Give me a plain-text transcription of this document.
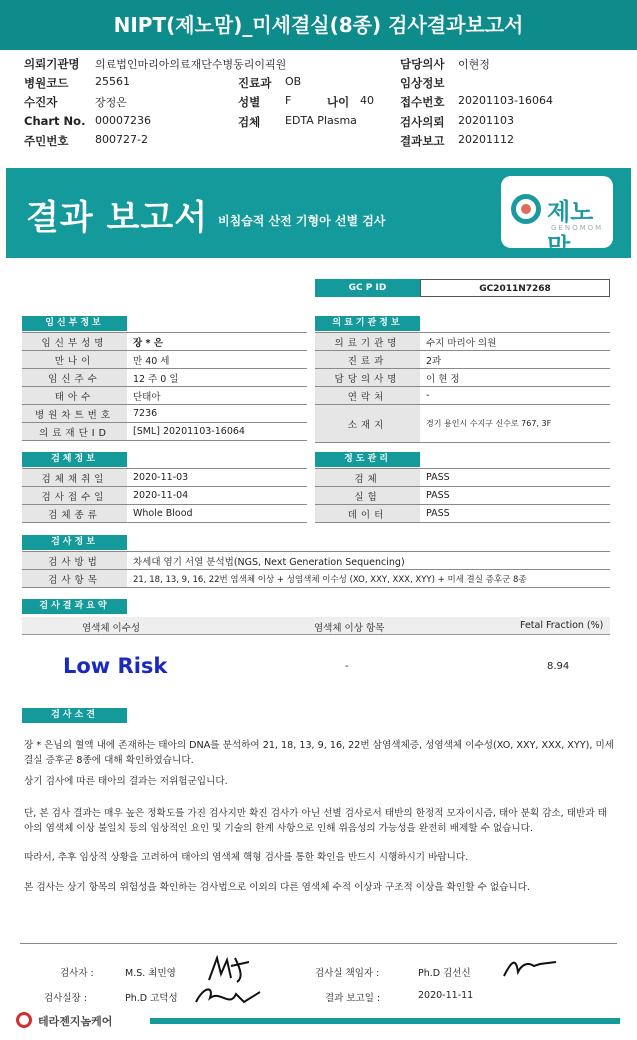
NIPT(제노맘)_미세결실(8종) 검사결과보고서
의뢰기관명 의료법인마리아의료재단수병동리이괵원	담당의사 이현정
병원코드 25561	진료과 OB	임상정보
수진자	장정은	성별 F	나이 40 접수번호 20201103-16064
Chart No. 00007236	검체 EDTA Plasma	검사의뢰 20201103
주민번호 800727-2	결과보고 20201112
결과 보고서 비침습적 산전 기형아 선별 검사	제노맘
GENOMOM
GC P ID	GC2011N7268
임신부정보
임신부성명	장 * 은
만나이	만 40 세
임신주수	12 주 0 일
태아수	단태아
병원차트번호	7236
의료재단ID	[SML] 20201103-16064
의료기관정보
의료기관명	수지 마리아 의원
진료과	2과
담당의사명	이 현 정
연락처	-
소재지	경기 용인시 수지구 신수로 767, 3F
검체정보
검체채취일	2020-11-03
검사접수일	2020-11-04
검체종류	Whole Blood
정도관리
검체	PASS
실험	PASS
데이터	PASS
검사정보
검사방법	차세대 염기 서열 분석법(NGS, Next Generation Sequencing)
검사항목	21, 18, 13, 9, 16, 22번 염색체 이상 + 성염색체 이수성 (XO, XXY, XXX, XYY) + 미세 결실 증후군 8종
검사결과요약
염색체 이수성	염색체 이상 항목	Fetal Fraction (%)
Low Risk	-	8.94
검사소견

장 * 은님의 혈액 내에 존재하는 태아의 DNA를 분석하여 21, 18, 13, 9, 16, 22번 삼염색체증, 성염색체 이수성(XO, XXY, XXX, XYY), 미세 결실 증후군 8종에 대해 확인하였습니다.

상기 검사에 따른 태아의 결과는 저위험군입니다.

단, 본 검사 결과는 매우 높은 정확도를 가진 검사지만 확진 검사가 아닌 선별 검사로서 태반의 한정적 모자이시즘, 태아 분획 감소, 태반과 태아의 염색체 이상 불일치 등의 임상적인 요인 및 기술의 한계 사항으로 인해 위음성의 가능성을 완전히 배제할 수 없습니다.

따라서, 추후 임상적 상황을 고려하여 태아의 염색체 핵형 검사를 통한 확인을 반드시 시행하시기 바랍니다.

본 검사는 상기 항목의 위험성을 확인하는 검사법으로 이외의 다른 염색체 수적 이상과 구조적 이상을 확인할 수 없습니다.

검사자 :	M.S. 최민영	검사실 책임자 :	Ph.D 김선신
검사실장 :	Ph.D 고덕성	결과 보고일 :	2020-11-11
테라젠지놈케어
